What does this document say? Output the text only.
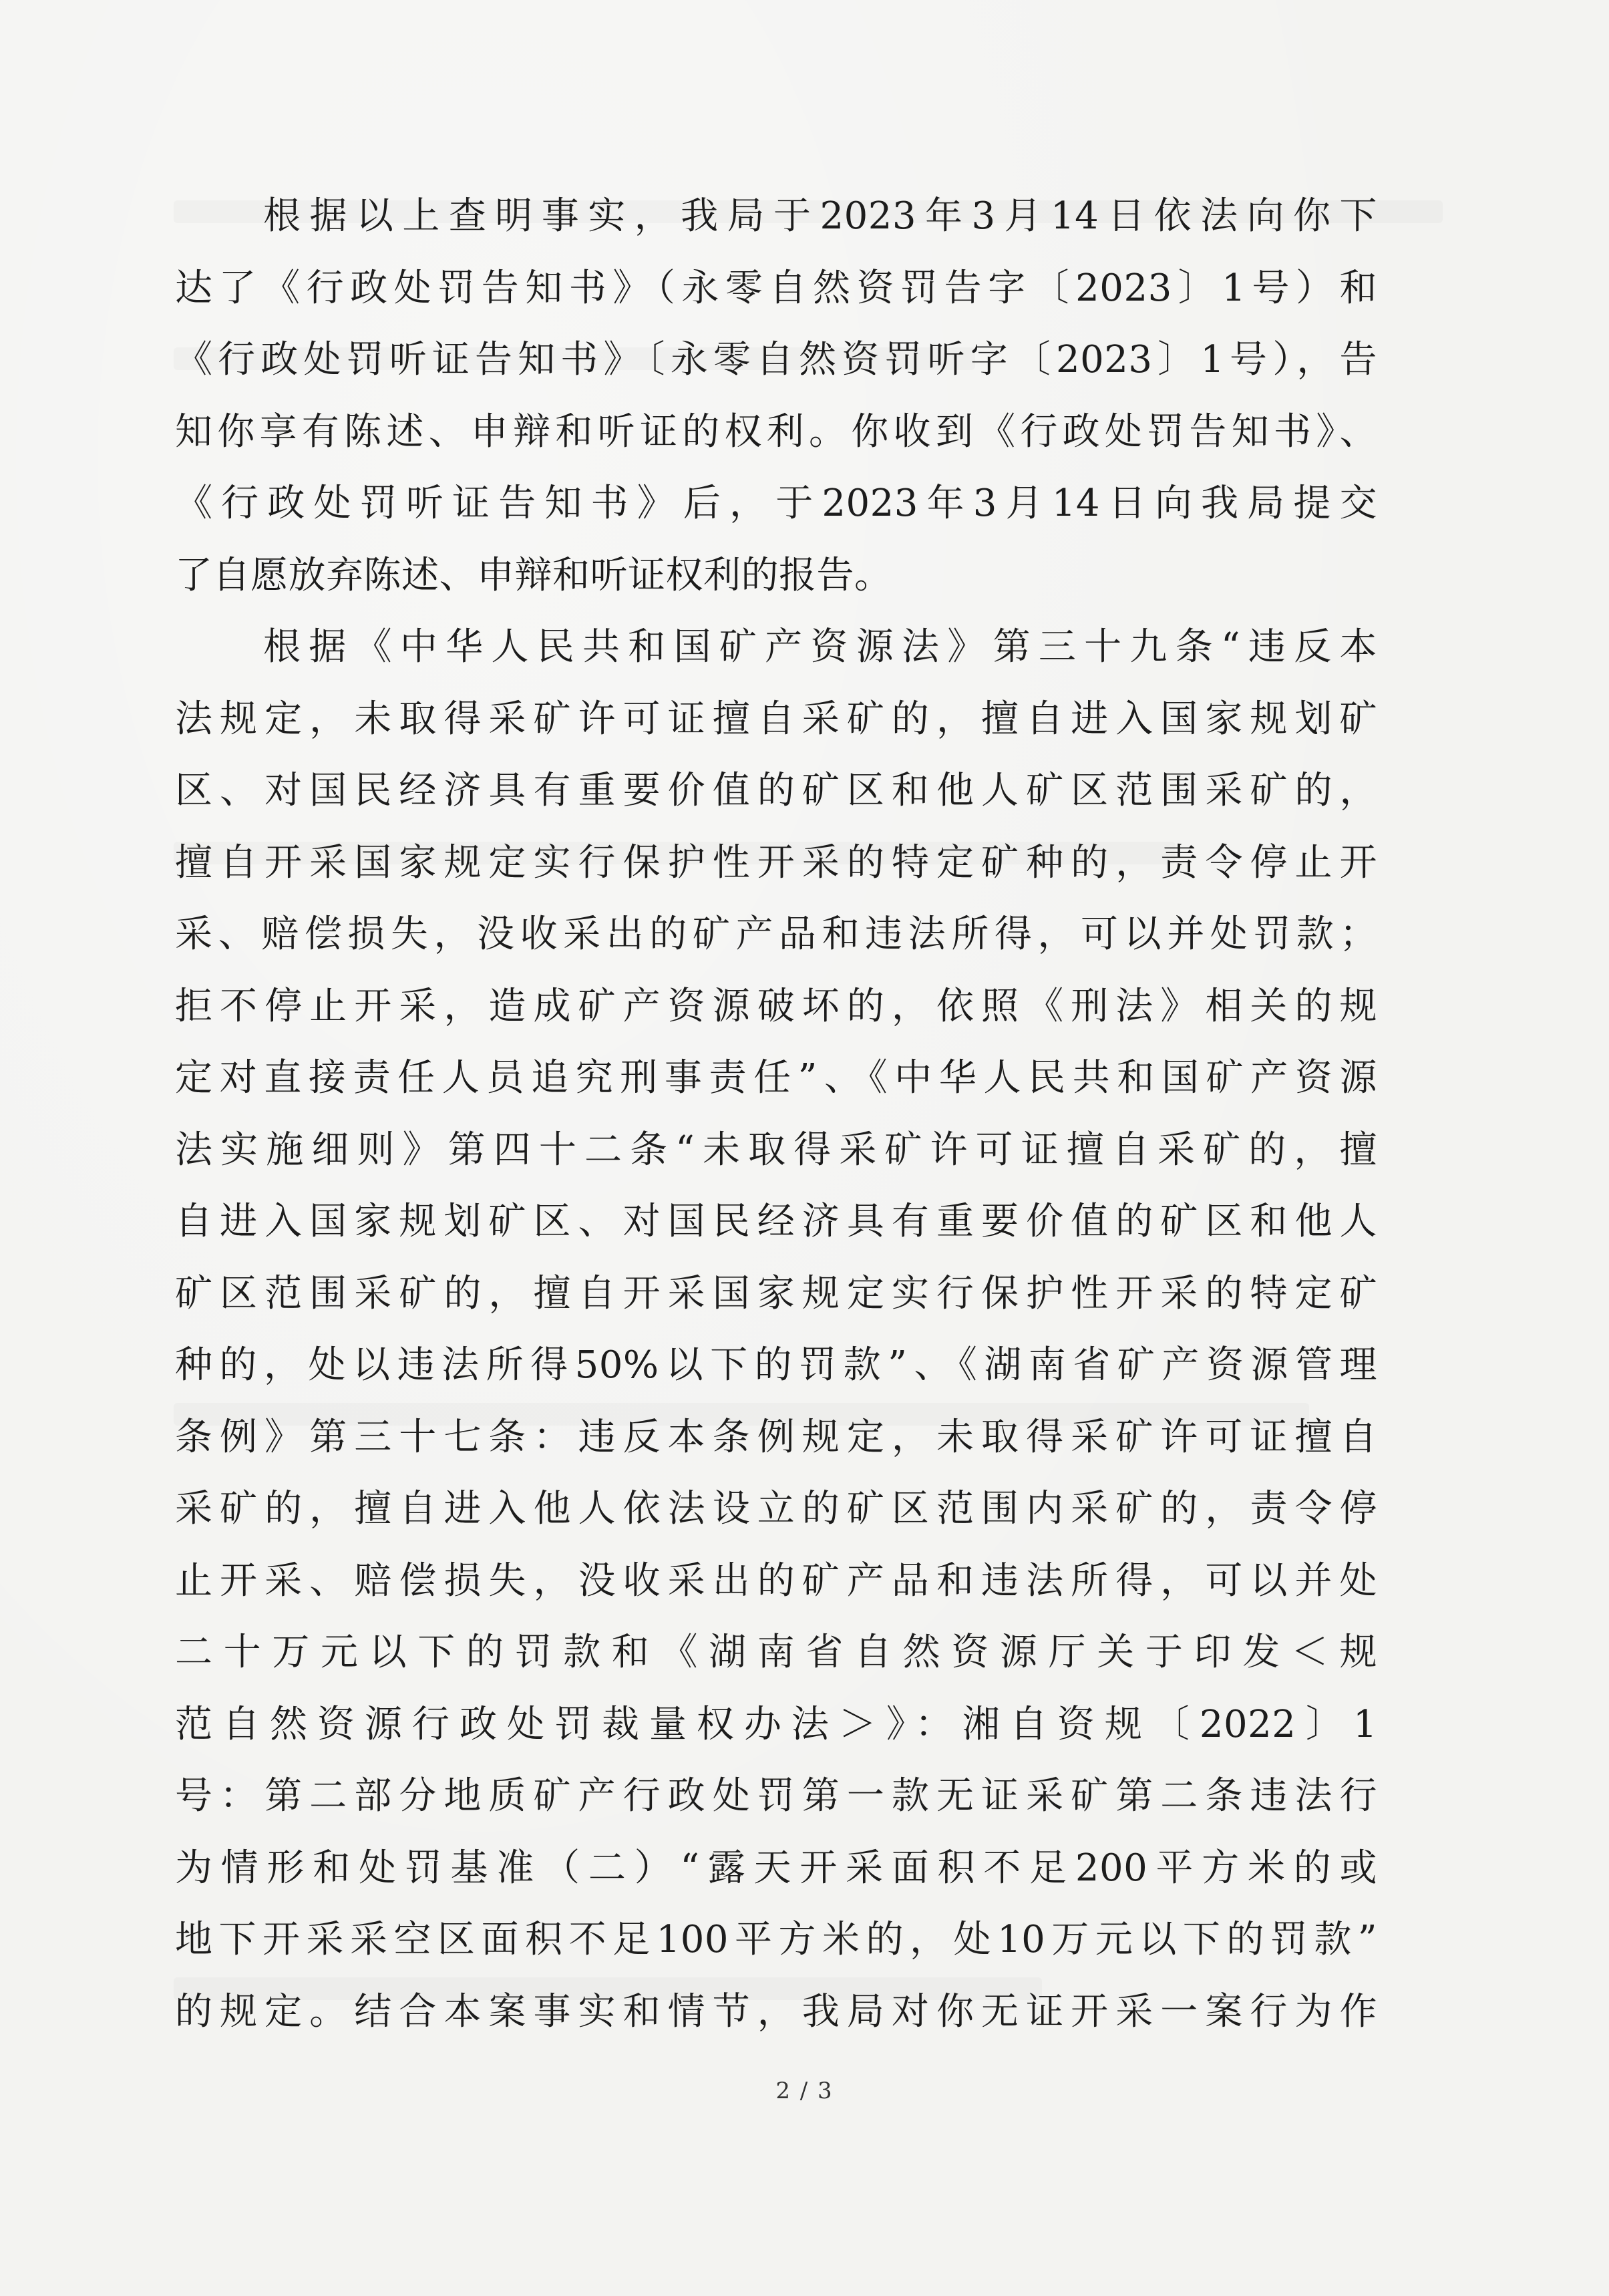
根据以上查明事实，我局于2023年3月14日依法向你下
达了《行政处罚告知书》（永零自然资罚告字〔2023〕1号）和
《行政处罚听证告知书》〔永零自然资罚听字〔2023〕1号），告
知你享有陈述、申辩和听证的权利。你收到《行政处罚告知书》、
《行政处罚听证告知书》后，于2023年3月14日向我局提交
了自愿放弃陈述、申辩和听证权利的报告。
根据《中华人民共和国矿产资源法》第三十九条“违反本
法规定，未取得采矿许可证擅自采矿的，擅自进入国家规划矿
区、对国民经济具有重要价值的矿区和他人矿区范围采矿的，
擅自开采国家规定实行保护性开采的特定矿种的，责令停止开
采、赔偿损失，没收采出的矿产品和违法所得，可以并处罚款；
拒不停止开采，造成矿产资源破坏的，依照《刑法》相关的规
定对直接责任人员追究刑事责任”、《中华人民共和国矿产资源
法实施细则》第四十二条“未取得采矿许可证擅自采矿的，擅
自进入国家规划矿区、对国民经济具有重要价值的矿区和他人
矿区范围采矿的，擅自开采国家规定实行保护性开采的特定矿
种的，处以违法所得50%以下的罚款”、《湖南省矿产资源管理
条例》第三十七条：违反本条例规定，未取得采矿许可证擅自
采矿的，擅自进入他人依法设立的矿区范围内采矿的，责令停
止开采、赔偿损失，没收采出的矿产品和违法所得，可以并处
二十万元以下的罚款和《湖南省自然资源厅关于印发＜规
范自然资源行政处罚裁量权办法＞》：湘自资规〔2022〕1
号：第二部分地质矿产行政处罚第一款无证采矿第二条违法行
为情形和处罚基准（二）“露天开采面积不足200平方米的或
地下开采采空区面积不足100平方米的，处10万元以下的罚款”
的规定。结合本案事实和情节，我局对你无证开采一案行为作
2 / 3
